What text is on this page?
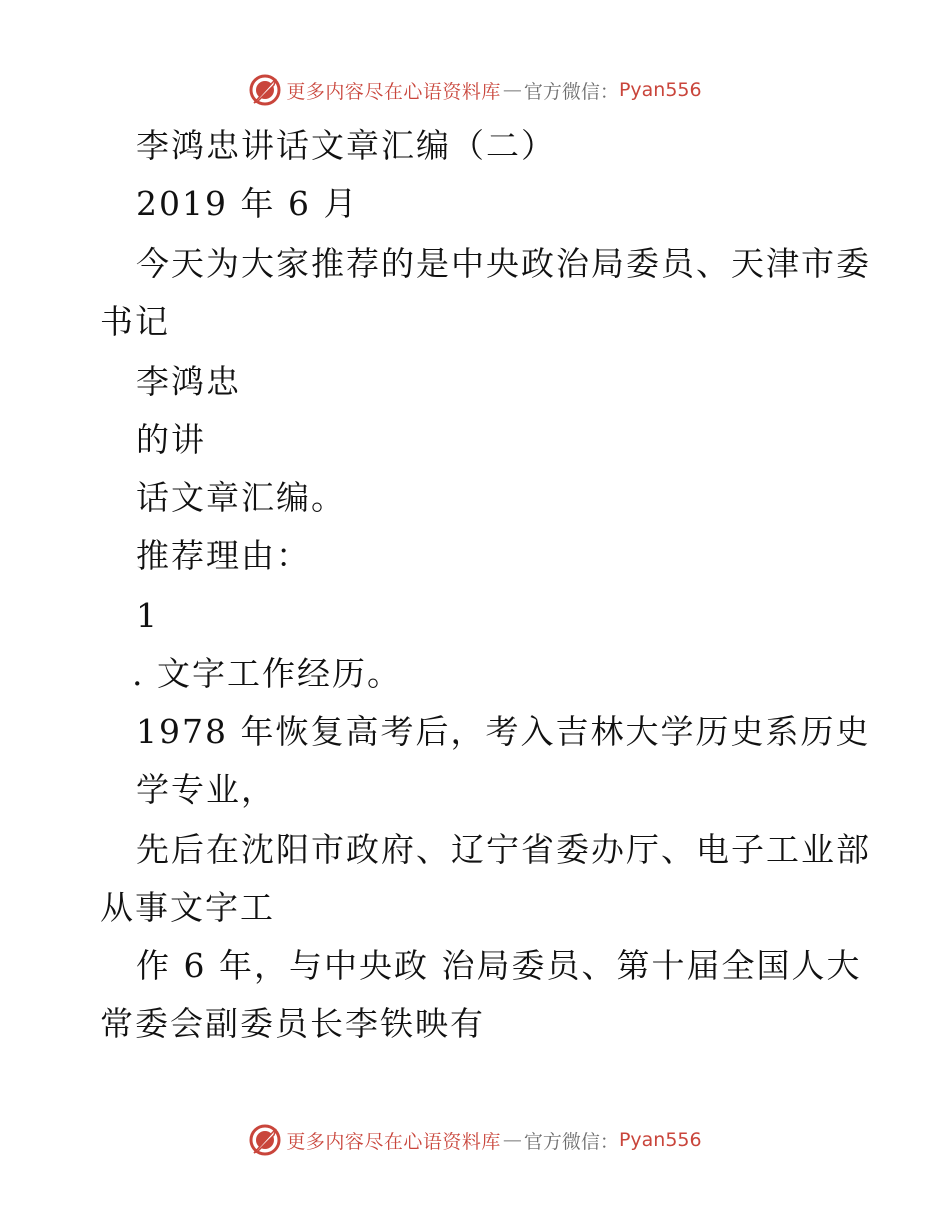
更多内容尽在心语资料库 — 官方微信： Pyan556
李鸿忠讲话文章汇编（二）
2019 年 6 月
今天为大家推荐的是中央政治局委员、天津市委
书记
李鸿忠
的讲
话文章汇编。
推荐理由：
1
. 文字工作经历。
1978 年恢复高考后，考入吉林大学历史系历史
学专业，
先后在沈阳市政府、辽宁省委办厅、电子工业部
从事文字工
作 6 年，与中央政 治局委员、第十届全国人大
常委会副委员长李铁映有
更多内容尽在心语资料库 — 官方微信： Pyan556
